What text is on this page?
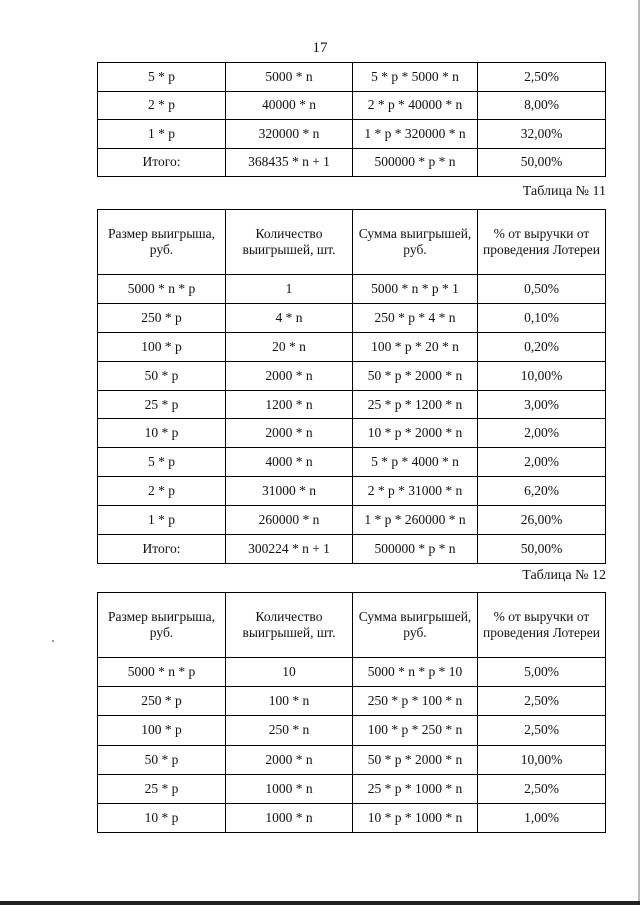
17
5 * р	5000 * n	5 * р * 5000 * n	2,50%
2 * р	40000 * n	2 * р * 40000 * n	8,00%
1 * р	320000 * n	1 * р * 320000 * n	32,00%
Итого:	368435 * n + 1	500000 * р * n	50,00%
Таблица № 11
Размер выигрыша, руб.	Количество выигрышей, шт.	Сумма выигрышей, руб.	% от выручки от проведения Лотереи
5000 * n * р	1	5000 * n * р * 1	0,50%
250 * р	4 * n	250 * р * 4 * n	0,10%
100 * р	20 * n	100 * р * 20 * n	0,20%
50 * р	2000 * n	50 * р * 2000 * n	10,00%
25 * р	1200 * n	25 * р * 1200 * n	3,00%
10 * р	2000 * n	10 * р * 2000 * n	2,00%
5 * р	4000 * n	5 * р * 4000 * n	2,00%
2 * р	31000 * n	2 * р * 31000 * n	6,20%
1 * р	260000 * n	1 * р * 260000 * n	26,00%
Итого:	300224 * n + 1	500000 * р * n	50,00%
Таблица № 12
Размер выигрыша, руб.	Количество выигрышей, шт.	Сумма выигрышей, руб.	% от выручки от проведения Лотереи
5000 * n * р	10	5000 * n * р * 10	5,00%
250 * р	100 * n	250 * р * 100 * n	2,50%
100 * р	250 * n	100 * р * 250 * n	2,50%
50 * р	2000 * n	50 * р * 2000 * n	10,00%
25 * р	1000 * n	25 * р * 1000 * n	2,50%
10 * р	1000 * n	10 * р * 1000 * n	1,00%
